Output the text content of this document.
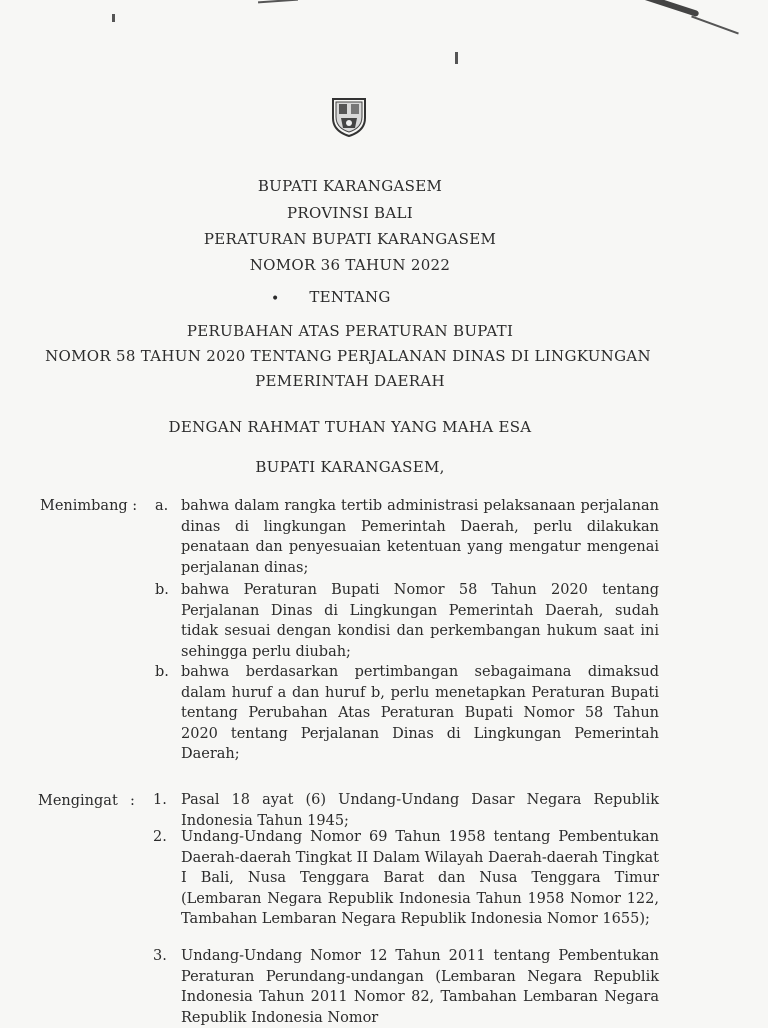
BUPATI KARANGASEM
PROVINSI BALI
PERATURAN BUPATI KARANGASEM
NOMOR 36 TAHUN 2022
•	TENTANG
PERUBAHAN ATAS PERATURAN BUPATI
NOMOR 58 TAHUN 2020 TENTANG PERJALANAN DINAS DI LINGKUNGAN
PEMERINTAH DAERAH
DENGAN RAHMAT TUHAN YANG MAHA ESA
BUPATI KARANGASEM,
Menimbang : a. bahwa dalam rangka tertib administrasi pelaksanaan perjalanan dinas di lingkungan Pemerintah Daerah, perlu dilakukan penataan dan penyesuaian ketentuan yang mengatur mengenai perjalanan dinas;
b. bahwa Peraturan Bupati Nomor 58 Tahun 2020 tentang Perjalanan Dinas di Lingkungan Pemerintah Daerah, sudah tidak sesuai dengan kondisi dan perkembangan hukum saat ini sehingga perlu diubah;
b. bahwa berdasarkan pertimbangan sebagaimana dimaksud dalam huruf a dan huruf b, perlu menetapkan Peraturan Bupati tentang Perubahan Atas Peraturan Bupati Nomor 58 Tahun 2020 tentang Perjalanan Dinas di Lingkungan Pemerintah Daerah;
Mengingat : 1. Pasal 18 ayat (6) Undang-Undang Dasar Negara Republik Indonesia Tahun 1945;
2. Undang-Undang Nomor 69 Tahun 1958 tentang Pembentukan Daerah-daerah Tingkat II Dalam Wilayah Daerah-daerah Tingkat I Bali, Nusa Tenggara Barat dan Nusa Tenggara Timur (Lembaran Negara Republik Indonesia Tahun 1958 Nomor 122, Tambahan Lembaran Negara Republik Indonesia Nomor 1655);
3. Undang-Undang Nomor 12 Tahun 2011 tentang Pembentukan Peraturan Perundang-undangan (Lembaran Negara Republik Indonesia Tahun 2011 Nomor 82, Tambahan Lembaran Negara Republik Indonesia Nomor
